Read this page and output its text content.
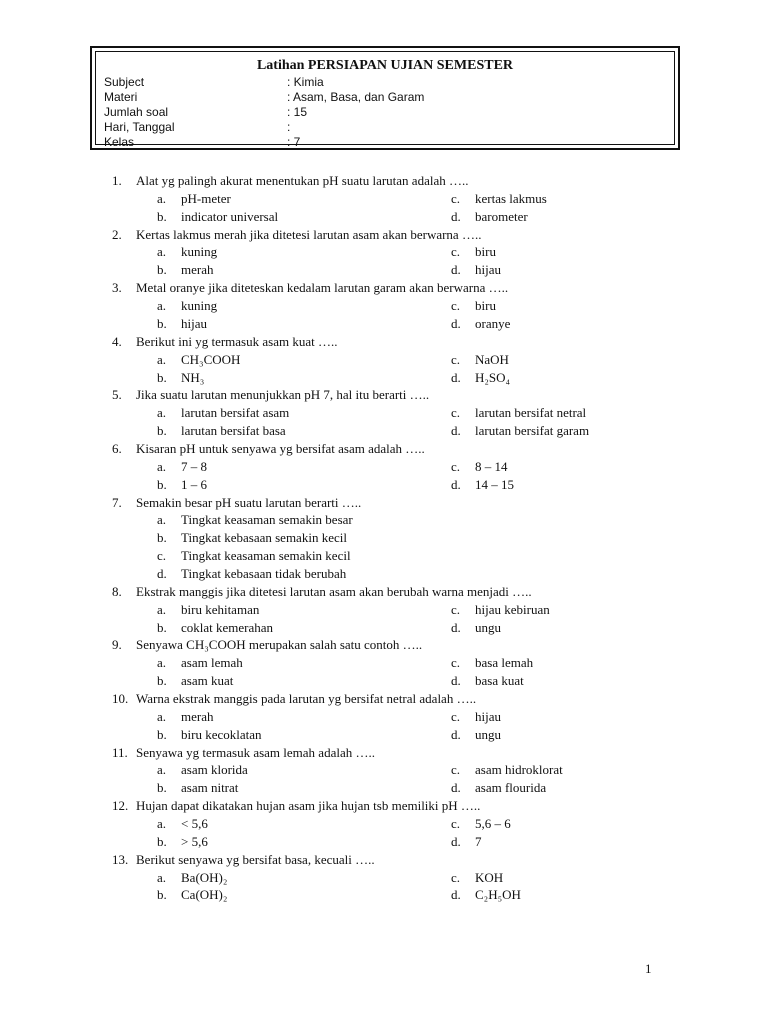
Latihan PERSIAPAN UJIAN SEMESTER
Subject	: Kimia
Materi	: Asam, Basa, dan Garam
Jumlah soal	: 15
Hari, Tanggal	:
Kelas	: 7
1. Alat yg palingh akurat menentukan pH suatu larutan adalah …..
a. pH-meter	c. kertas lakmus
b. indicator universal	d. barometer
2. Kertas lakmus merah jika ditetesi larutan asam akan berwarna …..
a. kuning	c. biru
b. merah	d. hijau
3. Metal oranye jika diteteskan kedalam larutan garam akan berwarna …..
a. kuning	c. biru
b. hijau	d. oranye
4. Berikut ini yg termasuk asam kuat …..
a. CH₃COOH	c. NaOH
b. NH₃	d. H₂SO₄
5. Jika suatu larutan menunjukkan pH 7, hal itu berarti …..
a. larutan bersifat asam	c. larutan bersifat netral
b. larutan bersifat basa	d. larutan bersifat garam
6. Kisaran pH untuk senyawa yg bersifat asam adalah …..
a. 7 – 8	c. 8 – 14
b. 1 – 6	d. 14 – 15
7. Semakin besar pH suatu larutan berarti …..
a. Tingkat keasaman semakin besar
b. Tingkat kebasaan semakin kecil
c. Tingkat keasaman semakin kecil
d. Tingkat kebasaan tidak berubah
8. Ekstrak manggis jika ditetesi larutan asam akan berubah warna menjadi …..
a. biru kehitaman	c. hijau kebiruan
b. coklat kemerahan	d. ungu
9. Senyawa CH₃COOH merupakan salah satu contoh …..
a. asam lemah	c. basa lemah
b. asam kuat	d. basa kuat
10. Warna ekstrak manggis pada larutan yg bersifat netral adalah …..
a. merah	c. hijau
b. biru kecoklatan	d. ungu
11. Senyawa yg termasuk asam lemah adalah …..
a. asam klorida	c. asam hidroklorat
b. asam nitrat	d. asam flourida
12. Hujan dapat dikatakan hujan asam jika hujan tsb memiliki pH …..
a. < 5,6	c. 5,6 – 6
b. > 5,6	d. 7
13. Berikut senyawa yg bersifat basa, kecuali …..
a. Ba(OH)₂	c. KOH
b. Ca(OH)₂	d. C₂H₅OH
1
